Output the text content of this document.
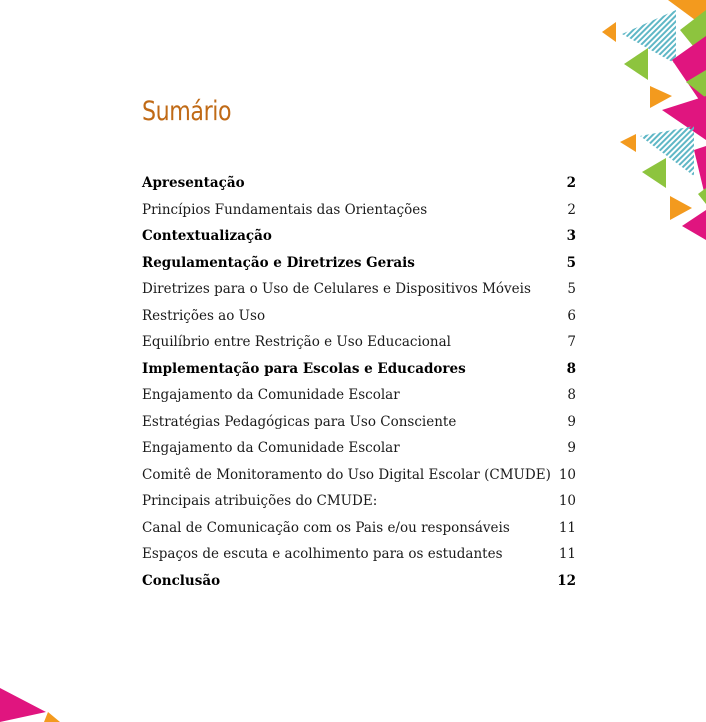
Sumário
Apresentação	2
Princípios Fundamentais das Orientações	2
Contextualização	3
Regulamentação e Diretrizes Gerais	5
Diretrizes para o Uso de Celulares e Dispositivos Móveis	5
Restrições ao Uso	6
Equilíbrio entre Restrição e Uso Educacional	7
Implementação para Escolas e Educadores	8
Engajamento da Comunidade Escolar	8
Estratégias Pedagógicas para Uso Consciente	9
Engajamento da Comunidade Escolar	9
Comitê de Monitoramento do Uso Digital Escolar (CMUDE) 10
Principais atribuições do CMUDE:	10
Canal de Comunicação com os Pais e/ou responsáveis	11
Espaços de escuta e acolhimento para os estudantes	11
Conclusão	12
